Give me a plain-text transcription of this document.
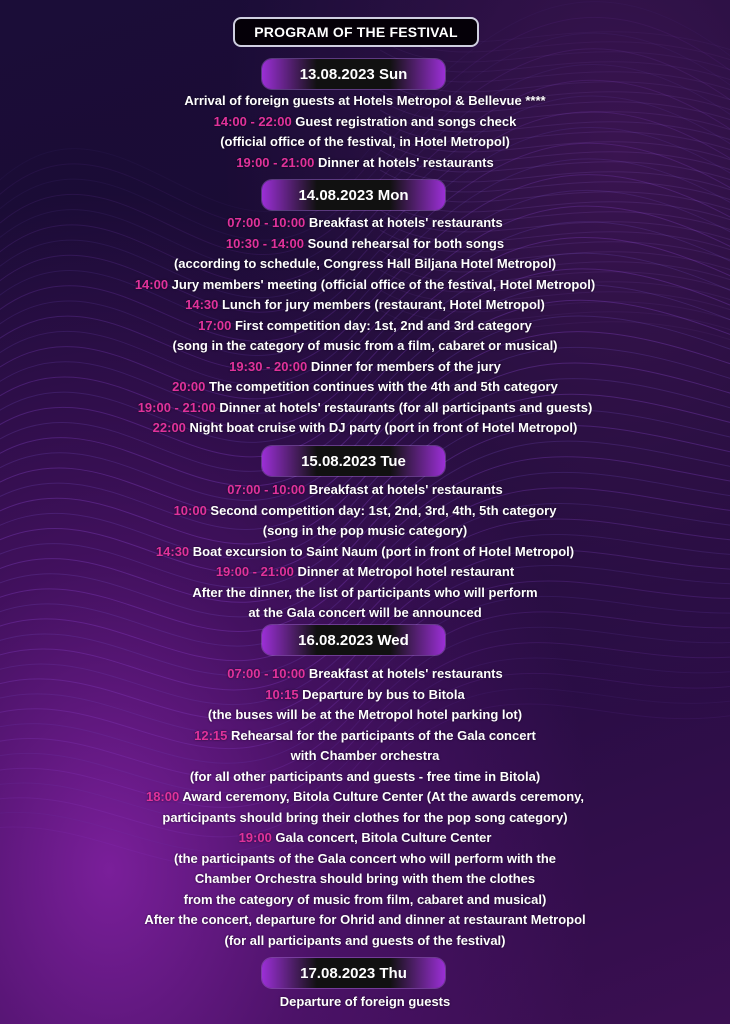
PROGRAM OF THE FESTIVAL
13.08.2023 Sun
Arrival of foreign guests at Hotels Metropol & Bellevue ****
14:00 - 22:00 Guest registration and songs check
(official office of the festival, in Hotel Metropol)
19:00 - 21:00 Dinner at hotels' restaurants
14.08.2023 Mon
07:00 - 10:00 Breakfast at hotels' restaurants
10:30 - 14:00 Sound rehearsal for both songs
(according to schedule, Congress Hall Biljana Hotel Metropol)
14:00 Jury members' meeting (official office of the festival, Hotel Metropol)
14:30 Lunch for jury members (restaurant, Hotel Metropol)
17:00 First competition day: 1st, 2nd and 3rd category
(song in the category of music from a film, cabaret or musical)
19:30 - 20:00 Dinner for members of the jury
20:00 The competition continues with the 4th and 5th category
19:00 - 21:00 Dinner at hotels' restaurants (for all participants and guests)
22:00 Night boat cruise with DJ party (port in front of Hotel Metropol)
15.08.2023 Tue
07:00 - 10:00 Breakfast at hotels' restaurants
10:00 Second competition day: 1st, 2nd, 3rd, 4th, 5th category
(song in the pop music category)
14:30 Boat excursion to Saint Naum (port in front of Hotel Metropol)
19:00 - 21:00 Dinner at Metropol hotel restaurant
After the dinner, the list of participants who will perform
at the Gala concert will be announced
16.08.2023 Wed
07:00 - 10:00 Breakfast at hotels' restaurants
10:15 Departure by bus to Bitola
(the buses will be at the Metropol hotel parking lot)
12:15 Rehearsal for the participants of the Gala concert
with Chamber orchestra
(for all other participants and guests - free time in Bitola)
18:00 Award ceremony, Bitola Culture Center (At the awards ceremony,
participants should bring their clothes for the pop song category)
19:00 Gala concert, Bitola Culture Center
(the participants of the Gala concert who will perform with the
Chamber Orchestra should bring with them the clothes
from the category of music from film, cabaret and musical)
After the concert, departure for Ohrid and dinner at restaurant Metropol
(for all participants and guests of the festival)
17.08.2023 Thu
Departure of foreign guests
